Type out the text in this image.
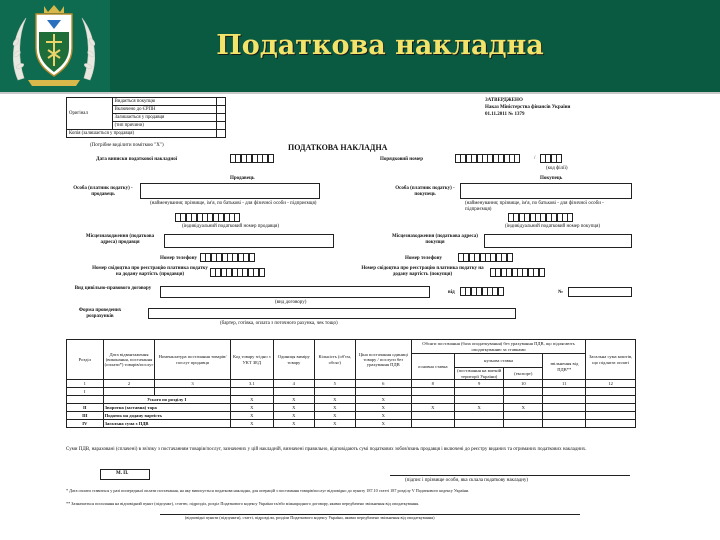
Податкова накладна
Оригінал	Видається покупцю	
	Включено до ЄРПН	
	Залишається у продавця	
	(тип причини)	
Копія (залишається у продавця)		
(Потрібне виділити поміткою "X")
ЗАТВЕРДЖЕНО
Наказ Міністерства фінансів України
01.11.2011 № 1379
ПОДАТКОВА НАКЛАДНА
Дата виписки податкової накладної	Порядковий номер	/
(код філії)
Продавець	Покупець
Особа (платник податку) - продавець
(найменування; прізвище, ім'я, по батькові - для фізичної особи - підприємця)
Особа (платник податку) - покупець
(найменування; прізвище, ім'я, по батькові - для фізичної особи - підприємця)
(індивідуальний податковий номер продавця)	(індивідуальний податковий номер покупця)
Місцезнаходження (податкова адреса) продавця
Місцезнаходження (податкова адреса) покупця
Номер телефону	Номер телефону
Номер свідоцтва про реєстрацію платника податку на додану вартість (продавця)
Номер свідоцтва про реєстрацію платника податку на додану вартість (покупця)
Вид цивільно-правового договору
(вид договору)
від	№
Форма проведених розрахунків
(бартер, готівка, оплата з поточного рахунка, чек тощо)
Розділ	Дата відвантаження (виконання, постачання (оплати*) товарів/послуг	Номенклатура постачання товарів/послуг продавця	Код товару згідно з УКТ ЗЕД	Одиниця виміру товару	Кількість (об'єм, обсяг)	Ціна постачання одиниці товару / послуги без урахування ПДВ	Обсяги постачання (база оподаткування) без урахування ПДВ, що підлягають оподаткуванню за ставками				Загальна сума коштів, що підлягає оплаті
							основна ставка	нульова ставка		звільнення від ПДВ**	
								(постачання на митній території України)	(експорт)		
1	2	3	3.1	4	5	6	8	9	10	11	12
I											
	Усього по розділу I		X	X	X	X					
II	Зворотна (заставна) тара		X	X	X	X	X	X	X		
III	Податок на додану вартість		X	X	X	X					
IV	Загальна сума з ПДВ		X	X	X	X					
Суми ПДВ, нараховані (сплачені) в зв'язку з постачанням товарів/послуг, зазначених у цій накладній, визначені правильно, відповідають сумі податкових зобов'язань продавця і включені до реєстру виданих та отриманих податкових накладних.
М. П.
(підпис і прізвище особи, яка склала податкову накладну)
* Дата оплати ставиться у разі попередньої оплати постачання, на яку виписується податкова накладна, для операцій з постачання товарів/послуг відповідно до пункту 187.10 статті 187 розділу V Податкового кодексу України.
** Зазначається посилання на відповідний пункт (підпункт), статтю, підрозділ, розділ Податкового кодексу України та/або міжнародного договору, якими передбачено звільнення від оподаткування.
(відповідні пункти (підпункти), статті, підрозділи, розділи Податкового кодексу України, якими передбачено звільнення від оподаткування)
